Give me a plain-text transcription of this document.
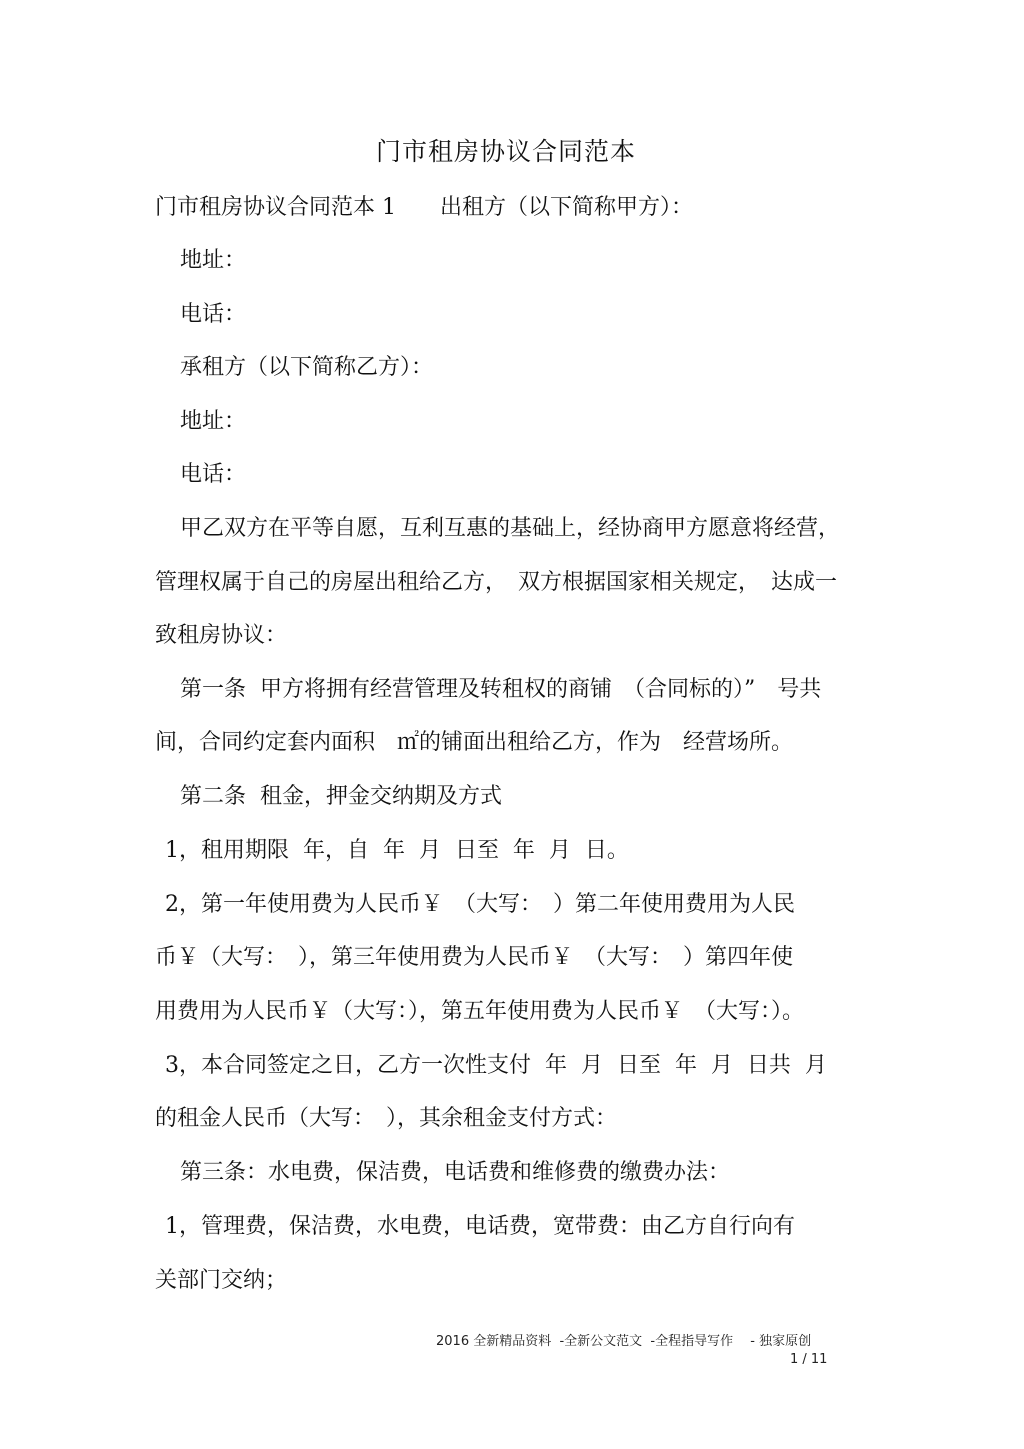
门市租房协议合同范本
门市租房协议合同范本 1　　出租方（以下简称甲方）：
地址：
电话：
承租方（以下简称乙方）：
地址：
电话：
甲乙双方在平等自愿，互利互惠的基础上，经协商甲方愿意将经营，
管理权属于自己的房屋出租给乙方，　双方根据国家相关规定，　达成一
致租房协议：
第一条  甲方将拥有经营管理及转租权的商铺　（合同标的）”　号共
间，合同约定套内面积　㎡的铺面出租给乙方，作为　经营场所。
第二条  租金，押金交纳期及方式
1，租用期限  年，自  年  月  日至  年  月  日。
2，第一年使用费为人民币￥　（大写：　）第二年使用费用为人民
币￥（大写：　），第三年使用费为人民币￥　（大写：　）第四年使
用费用为人民币￥（大写：），第五年使用费为人民币￥　（大写：）。
3，本合同签定之日，乙方一次性支付  年  月  日至  年  月  日共  月
的租金人民币（大写：　），其余租金支付方式：
第三条：水电费，保洁费，电话费和维修费的缴费办法：
1，管理费，保洁费，水电费，电话费，宽带费：由乙方自行向有
关部门交纳；
2016 全新精品资料  -全新公文范文  -全程指导写作　 - 独家原创
1 / 11
